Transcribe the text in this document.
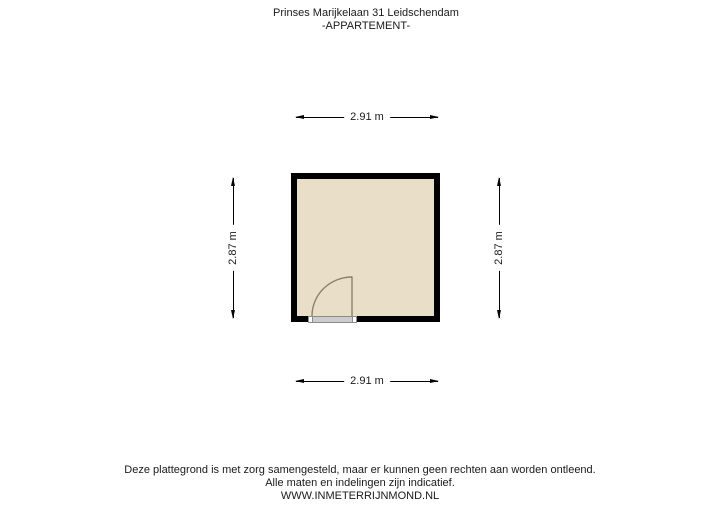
Prinses Marijkelaan 31 Leidschendam
-APPARTEMENT-
2.91 m
2.87 m	2.87 m
2.91 m
Deze plattegrond is met zorg samengesteld, maar er kunnen geen rechten aan worden ontleend.
Alle maten en indelingen zijn indicatief.
WWW.INMETERRIJNMOND.NL
